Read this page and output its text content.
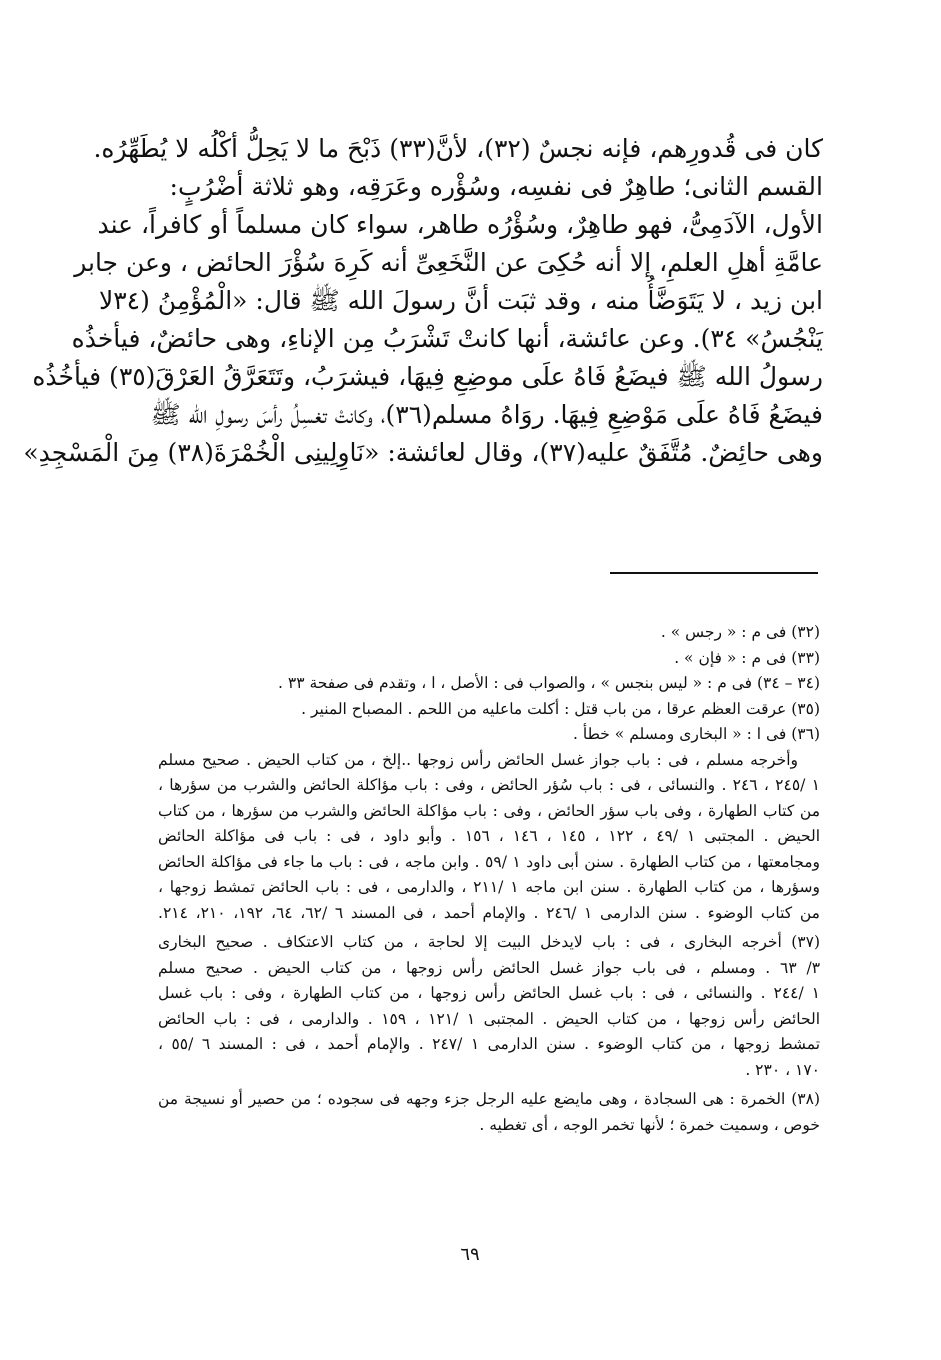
كان فى قُدورِهم، فإنه نجسٌ (٣٢)، لأنَّ(٣٣) ذَبْحَ ما لا يَحِلُّ أكْلُه لا يُطَهِّرُه.
القسم الثانى؛ طاهِرٌ فى نفسِه، وسُؤْره وعَرَقِه، وهو ثلاثة أضْرُبٍ:
الأول، الآدَمِىُّ، فهو طاهِرٌ، وسُؤْرُه طاهر، سواء كان مسلماً أو كافراً، عند
عامَّةِ أهلِ العلمِ، إلا أنه حُكِىَ عن النَّخَعِىِّ أنه كَرِهَ سُؤْرَ الحائض ، وعن جابر
ابن زيد ، لا يَتَوَضَّأُ منه ، وقد ثبَت أنَّ رسولَ الله ﷺ قال: «الْمُؤْمِنُ (٣٤لا
يَنْجُسُ» ٣٤). وعن عائشة، أنها كانتْ تَشْرَبُ مِن الإناءِ، وهى حائضٌ، فيأخذُه
رسولُ الله ﷺ فيضَعُ فَاهُ علَى موضِعِ فِيهَا، فيشرَبُ، وتَتَعَرَّقُ العَرْقَ(٣٥) فيأخُذُه
فيضَعُ فَاهُ علَى مَوْضِعِ فِيهَا. روَاهُ مسلم(٣٦)، وكانتْ تغسِلُ رأسَ رسولِ الله ﷺ
وهى حائِضٌ. مُتَّفَقٌ عليه(٣٧)، وقال لعائشة: «نَاوِلِينِى الْخُمْرَةَ(٣٨) مِنَ الْمَسْجِدِ»
(٣٢) فى م : « رجس » .
(٣٣) فى م : « فإن » .
(٣٤ – ٣٤) فى م : « ليس بنجس » ، والصواب فى : الأصل ، ا ، وتقدم فى صفحة ٣٣ .
(٣٥) عرقت العظم عرقا ، من باب قتل : أكلت ماعليه من اللحم . المصباح المنير .
(٣٦) فى ا : « البخارى ومسلم » خطأ .
وأخرجه مسلم ، فى : باب جواز غسل الحائض رأس زوجها ..إلخ ، من كتاب الحيض . صحيح مسلم
١ /٢٤٥ ، ٢٤٦ . والنسائى ، فى : باب سُؤر الحائض ، وفى : باب مؤاكلة الحائض والشرب من سؤرها ،
من كتاب الطهارة ، وفى باب سؤر الحائض ، وفى : باب مؤاكلة الحائض والشرب من سؤرها ، من كتاب
الحيض . المجتبى ١ /٤٩ ، ١٢٢ ، ١٤٥ ، ١٤٦ ، ١٥٦ . وأبو داود ، فى : باب فى مؤاكلة الحائض
ومجامعتها ، من كتاب الطهارة . سنن أبى داود ١ /٥٩ . وابن ماجه ، فى : باب ما جاء فى مؤاكلة الحائض
وسؤرها ، من كتاب الطهارة . سنن ابن ماجه ١ /٢١١ ، والدارمى ، فى : باب الحائض تمشط زوجها ،
من كتاب الوضوء . سنن الدارمى ١ /٢٤٦ . والإمام أحمد ، فى المسند ٦ /٦٢، ٦٤، ١٩٢، ٢١٠، ٢١٤.
(٣٧) أخرجه البخارى ، فى : باب لايدخل البيت إلا لحاجة ، من كتاب الاعتكاف . صحيح البخارى
٣/ ٦٣ . ومسلم ، فى باب جواز غسل الحائض رأس زوجها ، من كتاب الحيض . صحيح مسلم
١ /٢٤٤ . والنسائى ، فى : باب غسل الحائض رأس زوجها ، من كتاب الطهارة ، وفى : باب غسل
الحائض رأس زوجها ، من كتاب الحيض . المجتبى ١ /١٢١ ، ١٥٩ . والدارمى ، فى : باب الحائض
تمشط زوجها ، من كتاب الوضوء . سنن الدارمى ١ /٢٤٧ . والإمام أحمد ، فى : المسند ٦ /٥٥ ،
١٧٠ ، ٢٣٠ .
(٣٨) الخمرة : هى السجادة ، وهى مايضع عليه الرجل جزء وجهه فى سجوده ؛ من حصير أو نسيجة من
خوص ، وسميت خمرة ؛ لأنها تخمر الوجه ، أى تغطيه .
٦٩
